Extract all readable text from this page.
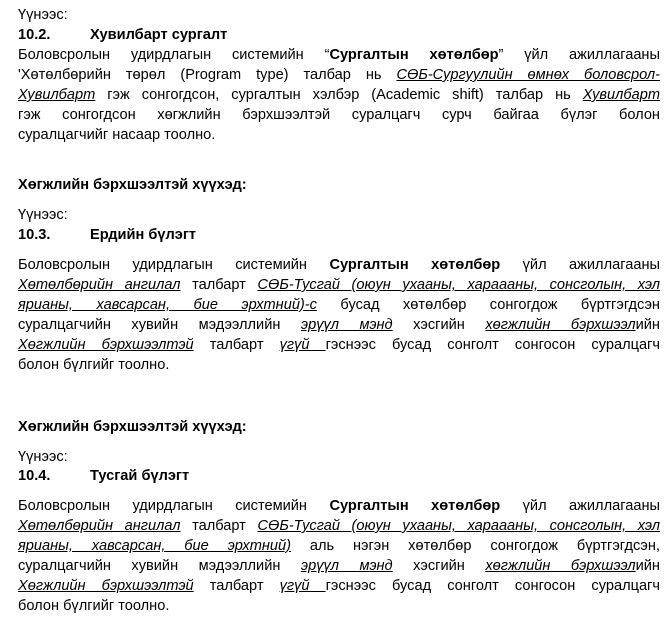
Үүнээс:
10.2.	Хувилбарт сургалт
Боловсролын удирдлагын системийн “Сургалтын хөтөлбөр” үйл ажиллагааны
'Хөтөлбөрийн төрөл (Program type) талбар нь СӨБ-Сургуулийн өмнөх боловсрол-
Хувилбарт гэж сонгогдсон, сургалтын хэлбэр (Academic shift) талбар нь Хувилбарт
гэж сонгогдсон хөгжлийн бэрхшээлтэй суралцагч сурч байгаа бүлэг болон
суралцагчийг насаар тоолно.
Хөгжлийн бэрхшээлтэй хүүхэд:
Үүнээс:
10.3.	Ердийн бүлэгт
Боловсролын удирдлагын системийн Сургалтын хөтөлбөр үйл ажиллагааны
Хөтөлбөрийн ангилал талбарт СӨБ-Тусгай (оюун ухааны, хараааны, сонсголын, хэл
ярианы, хавсарсан, бие эрхтний)-с бусад хөтөлбөр сонгогдож бүртгэгдсэн
суралцагчийн хувийн мэдээллийн эрүүл мэнд хэсгийн хөгжлийн бэрхшээлийн
Хөгжлийн бэрхшээлтэй талбарт үгүй гэснээс бусад сонголт сонгосон суралцагч
болон бүлгийг тоолно.
Хөгжлийн бэрхшээлтэй хүүхэд:
Үүнээс:
10.4.	Тусгай бүлэгт
Боловсролын удирдлагын системийн Сургалтын хөтөлбөр үйл ажиллагааны
Хөтөлбөрийн ангилал талбарт СӨБ-Тусгай (оюун ухааны, хараааны, сонсголын, хэл
ярианы, хавсарсан, бие эрхтний) аль нэгэн хөтөлбөр сонгогдож бүртгэгдсэн,
суралцагчийн хувийн мэдээллийн эрүүл мэнд хэсгийн хөгжлийн бэрхшээлийн
Хөгжлийн бэрхшээлтэй талбарт үгүй гэснээс бусад сонголт сонгосон суралцагч
болон бүлгийг тоолно.
